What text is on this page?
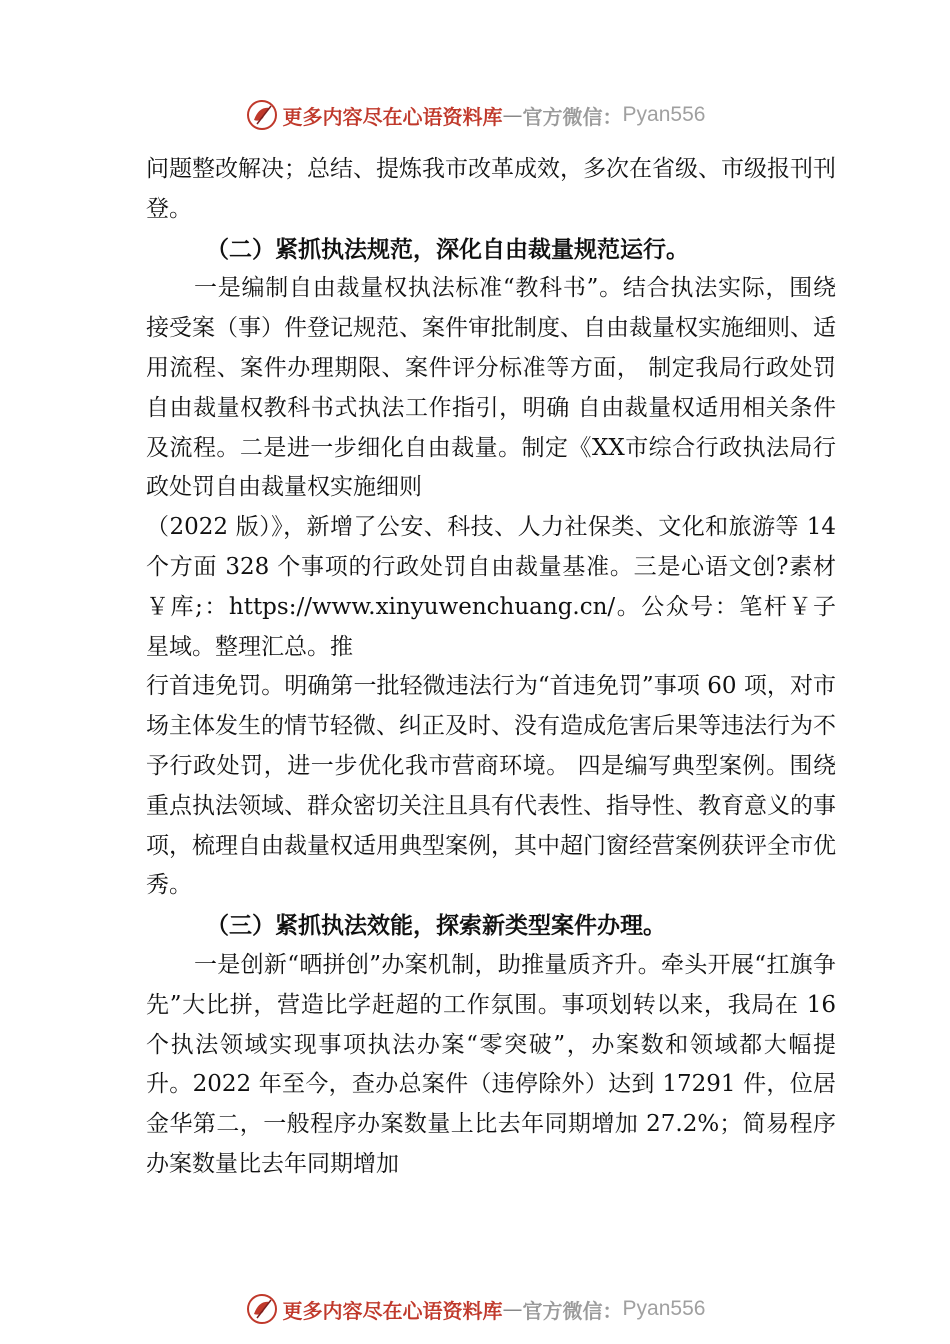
更多内容尽在心语资料库 — 官方微信： Pyan556

问题整改解决；总结、提炼我市改革成效，多次在省级、市级报刊刊登。

（二）紧抓执法规范，深化自由裁量规范运行。

一是编制自由裁量权执法标准“教科书”。结合执法实际，围绕接受案（事）件登记规范、案件审批制度、自由裁量权实施细则、适用流程、案件办理期限、案件评分标准等方面， 制定我局行政处罚自由裁量权教科书式执法工作指引，明确 自由裁量权适用相关条件及流程。二是进一步细化自由裁量。制定《XX市综合行政执法局行政处罚自由裁量权实施细则

（2022 版）》，新增了公安、科技、人力社保类、文化和旅游等 14 个方面 328 个事项的行政处罚自由裁量基准。三是心语文创?素材￥库;：https://www.xinyuwenchuang.cn/。公众号：笔杆￥子星域。整理汇总。推

行首违免罚。明确第一批轻微违法行为“首违免罚”事项 60 项，对市场主体发生的情节轻微、纠正及时、没有造成危害后果等违法行为不予行政处罚，进一步优化我市营商环境。 四是编写典型案例。围绕重点执法领域、群众密切关注且具有代表性、指导性、教育意义的事项，梳理自由裁量权适用典型案例，其中超门窗经营案例获评全市优秀。

（三）紧抓执法效能，探索新类型案件办理。

一是创新“晒拼创”办案机制，助推量质齐升。牵头开展“扛旗争先”大比拼，营造比学赶超的工作氛围。事项划转以来，我局在 16 个执法领域实现事项执法办案“零突破”，办案数和领域都大幅提升。2022 年至今，查办总案件（违停除外）达到 17291 件，位居金华第二，一般程序办案数量上比去年同期增加 27.2%；简易程序办案数量比去年同期增加

更多内容尽在心语资料库 — 官方微信： Pyan556
